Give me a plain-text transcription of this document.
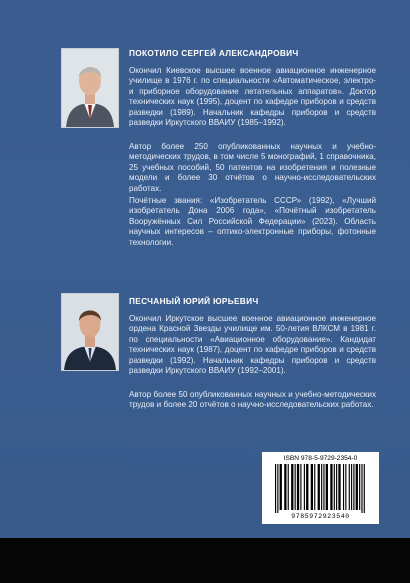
ПОКОТИЛО СЕРГЕЙ АЛЕКСАНДРОВИЧ

Окончил Киевское высшее военное авиационное инженерное училище в 1976 г. по специальности «Автоматическое, электро- и приборное оборудование летательных аппаратов». Доктор технических наук (1995), доцент по кафедре приборов и средств разведки (1989). Начальник кафедры приборов и средств разведки Иркутского ВВАИУ (1985–1992).

Автор более 250 опубликованных научных и учебно-методических трудов, в том числе 5 монографий, 1 справочника, 25 учебных пособий, 50 патентов на изобретения и полезные модели и более 30 отчётов о научно-исследовательских работах.

Почётные звания: «Изобретатель СССР» (1992), «Лучший изобретатель Дона 2006 года», «Почётный изобретатель Вооружённых Сил Российской Федерации» (2023). Область научных интересов – оптико-электронные приборы, фотонные технологии.

ПЕСЧАНЫЙ ЮРИЙ ЮРЬЕВИЧ

Окончил Иркутское высшее военное авиационное инженерное ордена Красной Звезды училище им. 50-летия ВЛКСМ в 1981 г. по специальности «Авиационное оборудование». Кандидат технических наук (1987), доцент по кафедре приборов и средств разведки (1992). Начальник кафедры приборов и средств разведки Иркутского ВВАИУ (1992–2001).

Автор более 50 опубликованных научных и учебно-методических трудов и более 20 отчётов о научно-исследовательских работах.

ISBN 978-5-9729-2354-0
9785972923540
